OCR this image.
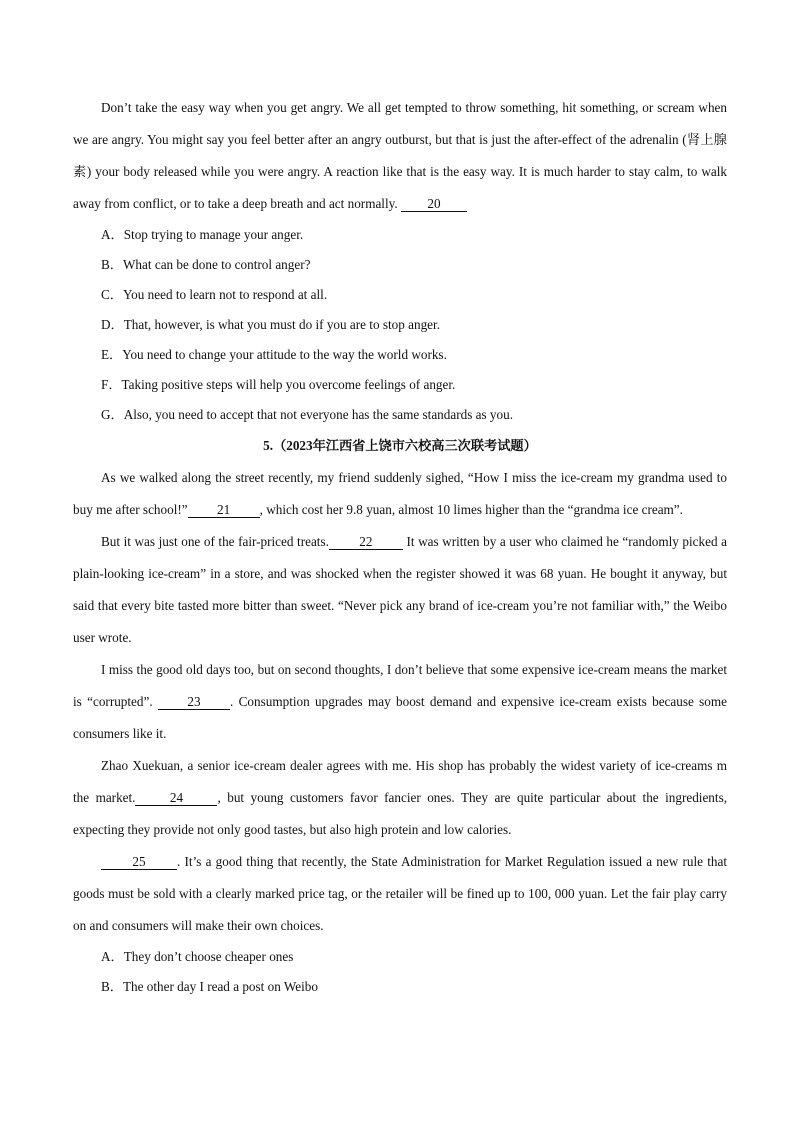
Don’t take the easy way when you get angry. We all get tempted to throw something, hit something, or scream when we are angry. You might say you feel better after an angry outburst, but that is just the after-effect of the adrenalin (肾上腺素) your body released while you were angry. A reaction like that is the easy way. It is much harder to stay calm, to walk away from conflict, or to take a deep breath and act normally. 20

A．Stop trying to manage your anger.

B．What can be done to control anger?

C．You need to learn not to respond at all.

D．That, however, is what you must do if you are to stop anger.

E．You need to change your attitude to the way the world works.

F．Taking positive steps will help you overcome feelings of anger.

G．Also, you need to accept that not everyone has the same standards as you.

5.（2023年江西省上饶市六校高三次联考试题）

As we walked along the street recently, my friend suddenly sighed, “How I miss the ice-cream my grandma used to buy me after school!” 21 , which cost her 9.8 yuan, almost 10 limes higher than the “grandma ice cream”.

But it was just one of the fair-priced treats. 22 It was written by a user who claimed he “randomly picked a plain-looking ice-cream” in a store, and was shocked when the register showed it was 68 yuan. He bought it anyway, but said that every bite tasted more bitter than sweet. “Never pick any brand of ice-cream you’re not familiar with,” the Weibo user wrote.

I miss the good old days too, but on second thoughts, I don’t believe that some expensive ice-cream means the market is “corrupted”. 23 . Consumption upgrades may boost demand and expensive ice-cream exists because some consumers like it.

Zhao Xuekuan, a senior ice-cream dealer agrees with me. His shop has probably the widest variety of ice-creams m the market.	24	, but young customers favor fancier ones. They are quite particular about the ingredients, expecting they provide not only good tastes, but also high protein and low calories.

25 . It’s a good thing that recently, the State Administration for Market Regulation issued a new rule that goods must be sold with a clearly marked price tag, or the retailer will be fined up to 100, 000 yuan. Let the fair play carry on and consumers will make their own choices.

A．They don’t choose cheaper ones

B．The other day I read a post on Weibo
